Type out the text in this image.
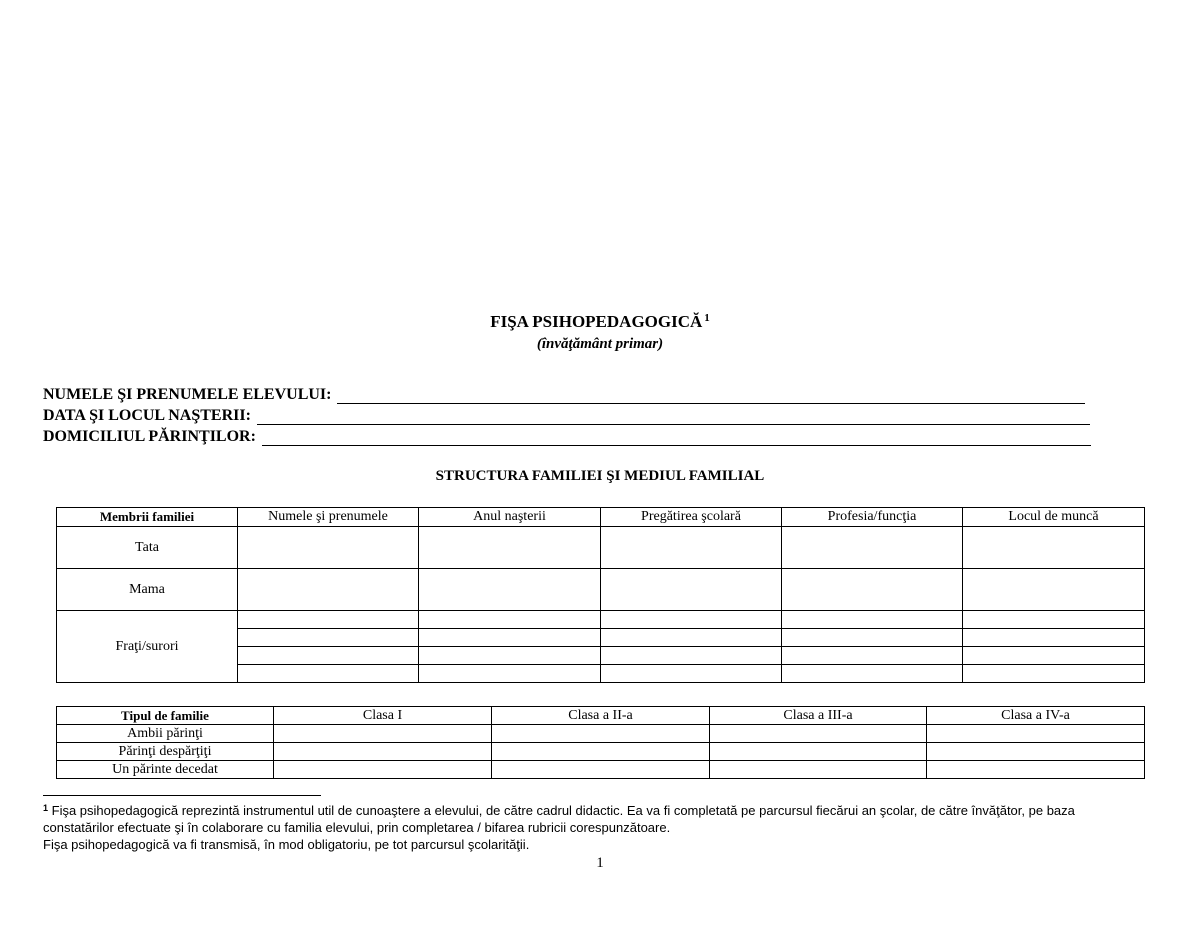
FIŞA PSIHOPEDAGOGICĂ $^1$
(învăţământ primar)
NUMELE ŞI PRENUMELE ELEVULUI:
DATA ŞI LOCUL NAŞTERII:
DOMICILIUL PĂRINŢILOR:
STRUCTURA FAMILIEI ŞI MEDIUL FAMILIAL
Membrii familiei	Numele şi prenumele	Anul naşterii	Pregătirea şcolară	Profesia/funcţia	Locul de muncă
Tata					
Mama					
Fraţi/surori					

Tipul de familie	Clasa I	Clasa a II-a	Clasa a III-a	Clasa a IV-a
Ambii părinţi				
Părinţi despărţiţi				
Un părinte decedat				
$^1$ Fişa psihopedagogică reprezintă instrumentul util de cunoaştere a elevului, de către cadrul didactic. Ea va fi completată pe parcursul fiecărui an şcolar, de către învăţător, pe baza
constatărilor efectuate şi în colaborare cu familia elevului, prin completarea / bifarea rubricii corespunzătoare.
Fişa psihopedagogică va fi transmisă, în mod obligatoriu, pe tot parcursul şcolarităţii.
1
